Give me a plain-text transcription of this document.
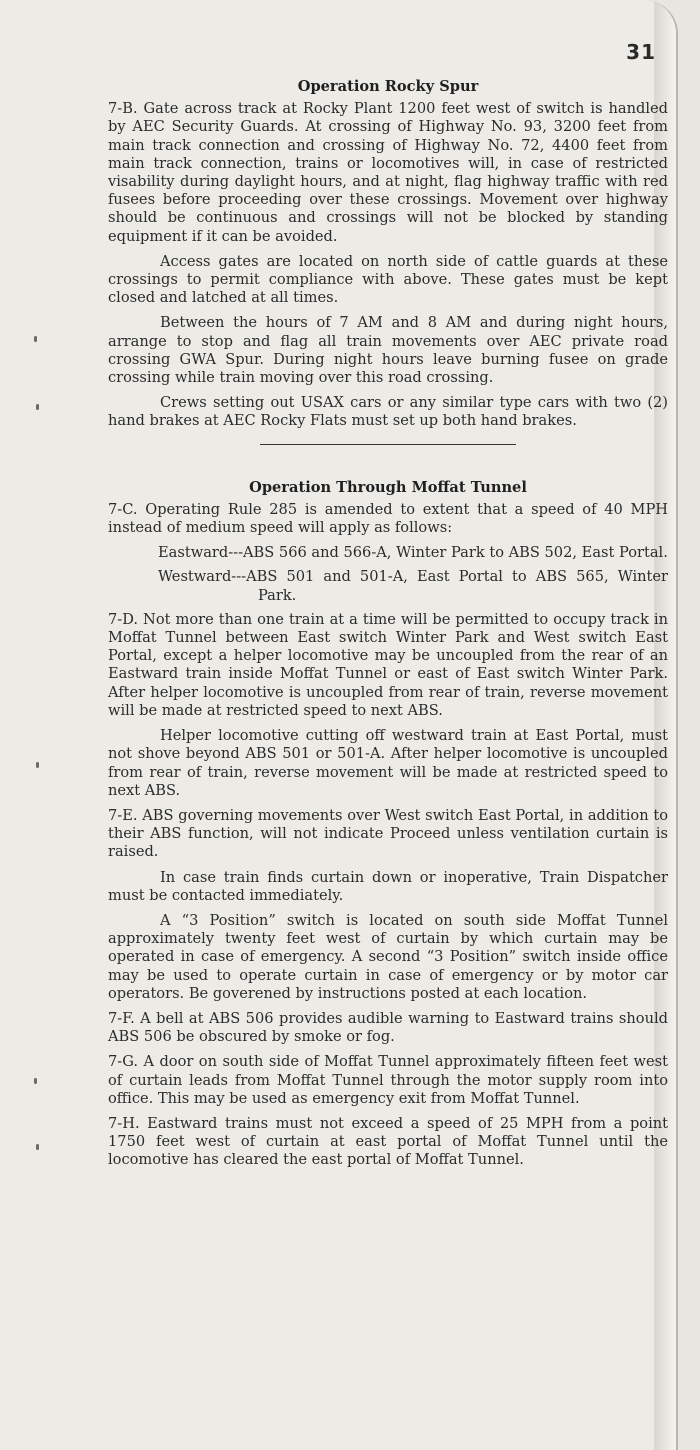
31
Operation Rocky Spur

7-B. Gate across track at Rocky Plant 1200 feet west of switch is handled by AEC Security Guards. At crossing of Highway No. 93, 3200 feet from main track connection and crossing of Highway No. 72, 4400 feet from main track connection, trains or locomotives will, in case of restricted visability during daylight hours, and at night, flag highway traffic with red fusees before proceeding over these crossings. Movement over highway should be continuous and crossings will not be blocked by standing equipment if it can be avoided.

Access gates are located on north side of cattle guards at these crossings to permit compliance with above. These gates must be kept closed and latched at all times.

Between the hours of 7 AM and 8 AM and during night hours, arrange to stop and flag all train movements over AEC private road crossing GWA Spur. During night hours leave burning fusee on grade crossing while train moving over this road crossing.

Crews setting out USAX cars or any similar type cars with two (2) hand brakes at AEC Rocky Flats must set up both hand brakes.

Operation Through Moffat Tunnel

7-C. Operating Rule 285 is amended to extent that a speed of 40 MPH instead of medium speed will apply as follows:

Eastward---ABS 566 and 566-A, Winter Park to ABS 502, East Portal.

Westward---ABS 501 and 501-A, East Portal to ABS 565, Winter Park.

7-D. Not more than one train at a time will be permitted to occupy track in Moffat Tunnel between East switch Winter Park and West switch East Portal, except a helper locomotive may be uncoupled from the rear of an Eastward train inside Moffat Tunnel or east of East switch Winter Park. After helper locomotive is uncoupled from rear of train, reverse movement will be made at restricted speed to next ABS.

Helper locomotive cutting off westward train at East Portal, must not shove beyond ABS 501 or 501-A. After helper locomotive is uncoupled from rear of train, reverse movement will be made at restricted speed to next ABS.

7-E. ABS governing movements over West switch East Portal, in addition to their ABS function, will not indicate Proceed unless ventilation curtain is raised.

In case train finds curtain down or inoperative, Train Dispatcher must be contacted immediately.

A “3 Position” switch is located on south side Moffat Tunnel approximately twenty feet west of curtain by which curtain may be operated in case of emergency. A second “3 Position” switch inside office may be used to operate curtain in case of emergency or by motor car operators. Be goverened by instructions posted at each location.

7-F. A bell at ABS 506 provides audible warning to Eastward trains should ABS 506 be obscured by smoke or fog.

7-G. A door on south side of Moffat Tunnel approximately fifteen feet west of curtain leads from Moffat Tunnel through the motor supply room into office. This may be used as emergency exit from Moffat Tunnel.

7-H. Eastward trains must not exceed a speed of 25 MPH from a point 1750 feet west of curtain at east portal of Moffat Tunnel until the locomotive has cleared the east portal of Moffat Tunnel.
